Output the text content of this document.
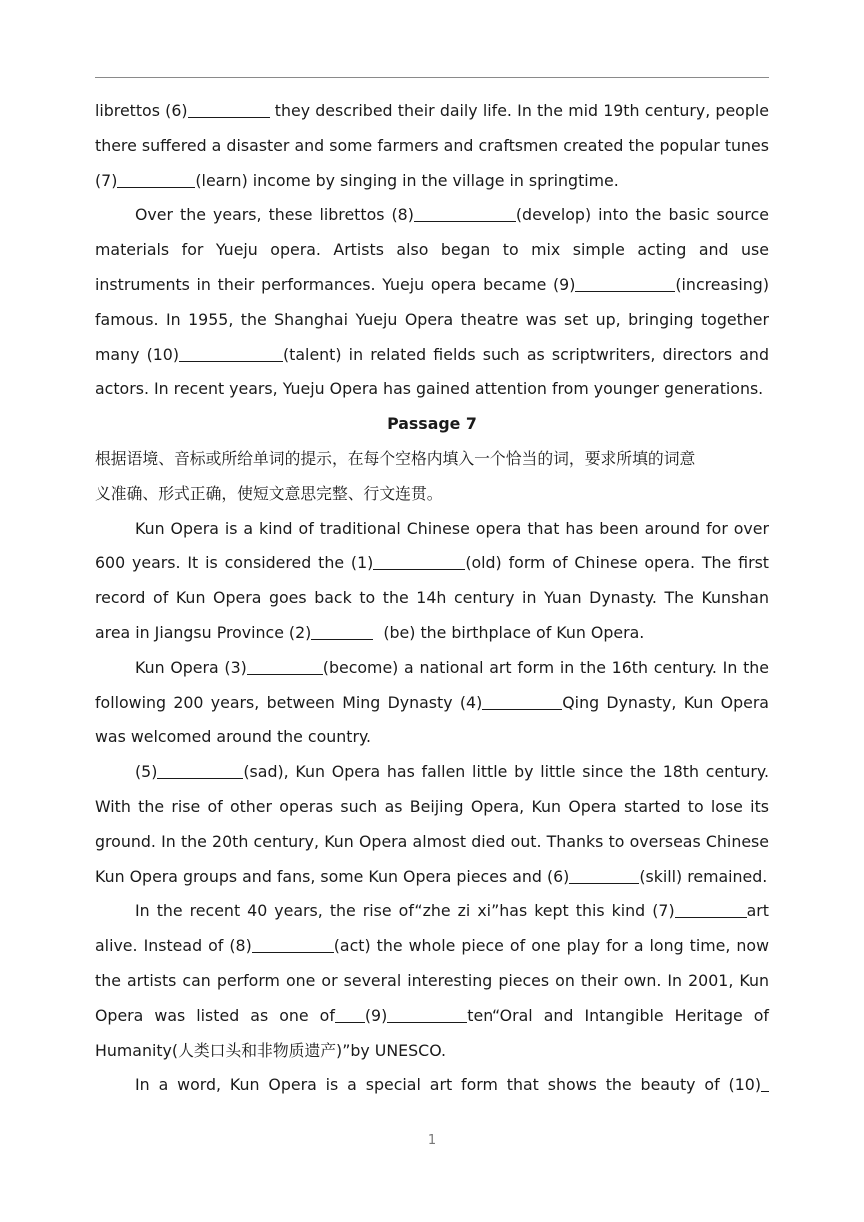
librettos (6)	they described their daily life. In the mid 19th century, people
there suffered a disaster and some farmers and craftsmen created the popular tunes
(7)	(learn) income by singing in the village in springtime.
Over the years, these librettos (8)	(develop) into the basic source
materials for Yueju opera. Artists also began to mix simple acting and use
instruments in their performances. Yueju opera became (9)	(increasing)
famous. In 1955, the Shanghai Yueju Opera theatre was set up, bringing together
many (10)	(talent) in related fields such as scriptwriters, directors and
actors. In recent years, Yueju Opera has gained attention from younger generations.
Passage 7
根据语境、音标或所给单词的提示，在每个空格内填入一个恰当的词，要求所填的词意
义准确、形式正确，使短文意思完整、行文连贯。
Kun Opera is a kind of traditional Chinese opera that has been around for over
600 years. It is considered the (1)	(old) form of Chinese opera. The first
record of Kun Opera goes back to the 14h century in Yuan Dynasty. The Kunshan
area in Jiangsu Province (2)	(be) the birthplace of Kun Opera.
Kun Opera (3)	(become) a national art form in the 16th century. In the
following 200 years, between Ming Dynasty (4)	Qing Dynasty, Kun Opera
was welcomed around the country.
(5)	(sad), Kun Opera has fallen little by little since the 18th century.
With the rise of other operas such as Beijing Opera, Kun Opera started to lose its
ground. In the 20th century, Kun Opera almost died out. Thanks to overseas Chinese
Kun Opera groups and fans, some Kun Opera pieces and (6)	(skill) remained.
In the recent 40 years, the rise of“zhe zi xi”has kept this kind (7)	art
alive. Instead of (8)	(act) the whole piece of one play for a long time, now
the artists can perform one or several interesting pieces on their own. In 2001, Kun
Opera was listed as one of (9)	ten“Oral and Intangible Heritage of
Humanity(人类口头和非物质遗产)”by UNESCO.
In a word, Kun Opera is a special art form that shows the beauty of (10)
1
